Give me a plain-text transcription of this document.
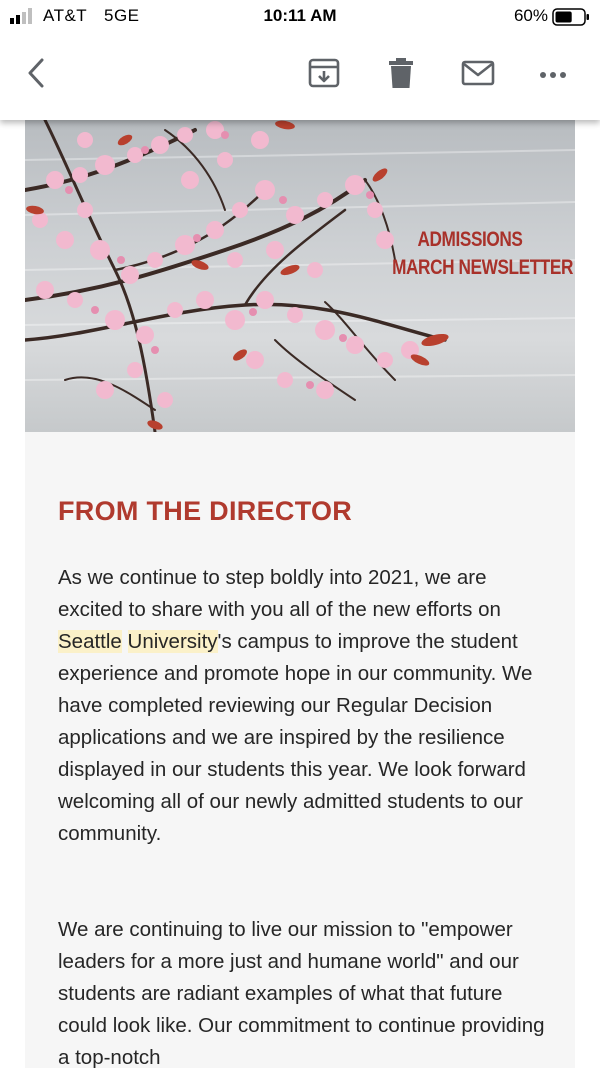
AT&T 5GE	10:11 AM	60%
ADMISSIONS
MARCH NEWSLETTER
FROM THE DIRECTOR

As we continue to step boldly into 2021, we are excited to share with you all of the new efforts on Seattle University's campus to improve the student experience and promote hope in our community. We have completed reviewing our Regular Decision applications and we are inspired by the resilience displayed in our students this year. We look forward welcoming all of our newly admitted students to our community.

We are continuing to live our mission to "empower leaders for a more just and humane world" and our students are radiant examples of what that future could look like. Our commitment to continue providing a top-notch
